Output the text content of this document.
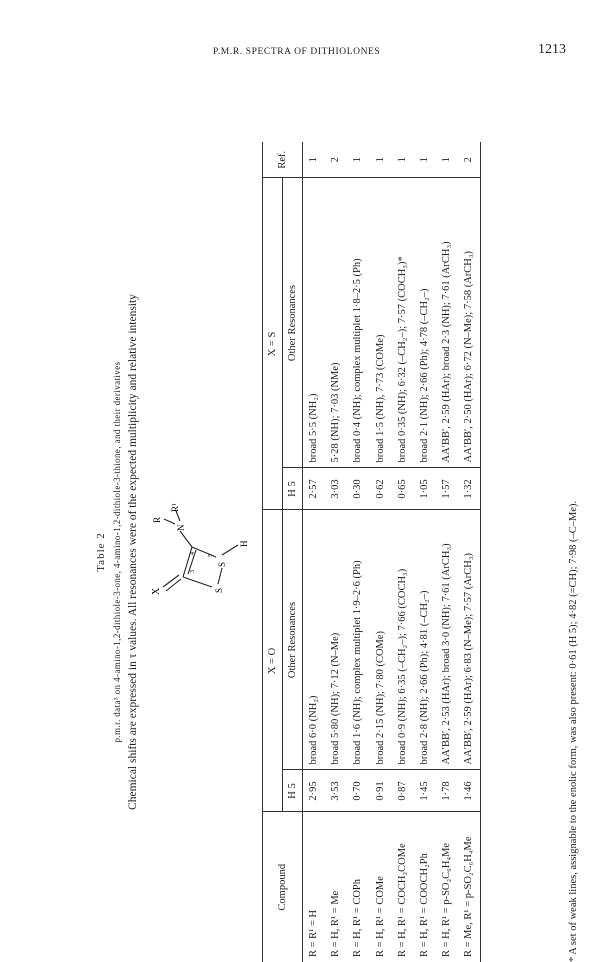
P.M.R. SPECTRA OF DITHIOLONES	1213
Table 2 p.m.r. data³ on 4-amino-1,2-dithiole-3-one, 4-amino-1,2-dithiole-3-thione, and their derivatives Chemical shifts are expressed in τ values. All resonances were of the expected multiplicity and relative intensity X
R
R¹
N
H
S
S
3
4
5
Compound	X = O		X = S		Ref.
	H 5	Other Resonances	H 5	Other Resonances	
R = R¹ = H	2·95	broad 6·0 (NH₂)	2·57	broad 5·5 (NH₂)	1
R = H, R¹ = Me	3·53	broad 5·80 (NH); 7·12 (N–Me)	3·03	5·28 (NH); 7·03 (NMe)	2
R = H, R¹ = COPh	0·70	broad 1·6 (NH); complex multiplet 1·9–2·6 (Ph)	0·30	broad 0·4 (NH); complex multiplet 1·8–2·5 (Ph)	1
R = H, R¹ = COMe	0·91	broad 2·15 (NH); 7·80 (COMe)	0·62	broad 1·5 (NH), 7·73 (COMe)	1
R = H, R¹ = COCH₂COMe	0·87	broad 0·9 (NH); 6·35 (–CH₂–); 7·66 (COCH₃)	0·65	broad 0·35 (NH); 6·32 (–CH₂–); 7·57 (COCH₃)*	1
R = H, R¹ = COOCH₂Ph	1·45	broad 2·8 (NH); 2·66 (Ph); 4·81 (–CH₂–)	1·05	broad 2·1 (NH); 2·66 (Ph); 4·78 (–CH₂–)	1
R = H, R¹ = p-SO₂C₆H₄Me	1·78	AA′BB′, 2·53 (HAr); broad 3·0 (NH); 7·61 (ArCH₃)	1·57	AA′BB′, 2·59 (HAr); broad 2·3 (NH); 7·61 (ArCH₃)	1
R = Me, R¹ = p-SO₂C₆H₄Me	1·46	AA′BB′, 2·59 (HAr); 6·83 (N–Me); 7·57 (ArCH₃)	1·32	AA′BB′, 2·50 (HAr); 6·72 (N–Me); 7·58 (ArCH₃)	2
* A set of weak lines, assignable to the enolic form, was also present: 0·61 (H 5); 4·82 (=CH); 7·98 (–C–Me).
